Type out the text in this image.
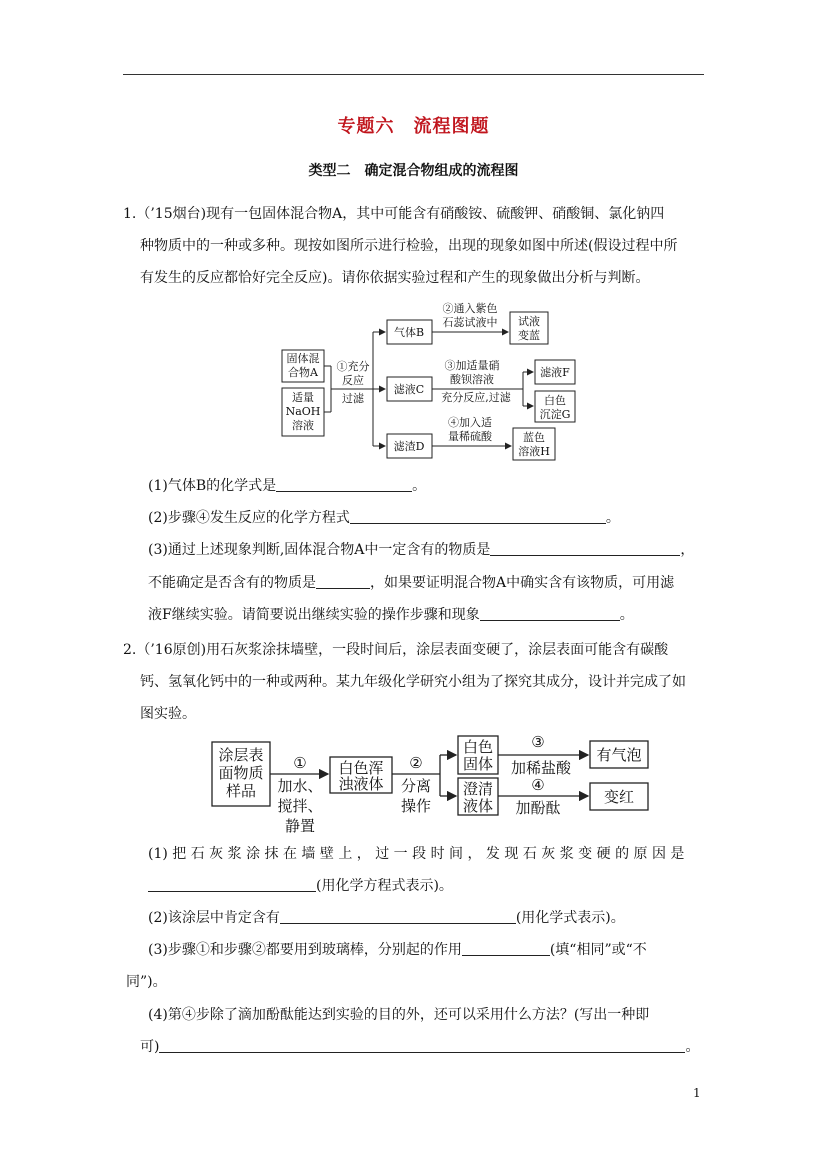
专题六　流程图题
类型二　确定混合物组成的流程图
1.（’15烟台)现有一包固体混合物A，其中可能含有硝酸铵、硫酸钾、硝酸铜、氯化钠四
种物质中的一种或多种。现按如图所示进行检验，出现的现象如图中所述(假设过程中所
有发生的反应都恰好完全反应)。请你依据实验过程和产生的现象做出分析与判断。
固体混
合物A
适量
NaOH
溶液
①充分
反应
过滤
气体B
滤液C
滤渣D
②通入紫色
石蕊试液中 试液
变蓝
③加适量硝
酸钡溶液
充分反应,过滤
滤液F
白色
沉淀G
④加入适
量稀硫酸	蓝色
溶液H
(1)气体B的化学式是	。
(2)步骤④发生反应的化学方程式	。
(3)通过上述现象判断,固体混合物A中一定含有的物质是	，
不能确定是否含有的物质是	，如果要证明混合物A中确实含有该物质，可用滤
液F继续实验。请简要说出继续实验的操作步骤和现象	。
2.（’16原创)用石灰浆涂抹墙壁，一段时间后，涂层表面变硬了，涂层表面可能含有碳酸
钙、氢氧化钙中的一种或两种。某九年级化学研究小组为了探究其成分，设计并完成了如
图实验。
涂层表
面物质
样品
①
加水、
搅拌、
静置
白色浑
浊液体
②
分离
操作
白色
固体
澄清
液体
③
加稀盐酸
④
加酚酞
有气泡
变红
(1) 把 石 灰 浆 涂 抹 在 墙 壁 上 ， 过 一 段 时 间 ， 发 现 石 灰 浆 变 硬 的 原 因 是
(用化学方程式表示)。
(2)该涂层中肯定含有	(用化学式表示)。
(3)步骤①和步骤②都要用到玻璃棒，分别起的作用	(填“相同”或“不
同”)。
(4)第④步除了滴加酚酞能达到实验的目的外，还可以采用什么方法？(写出一种即
可)	。
1
